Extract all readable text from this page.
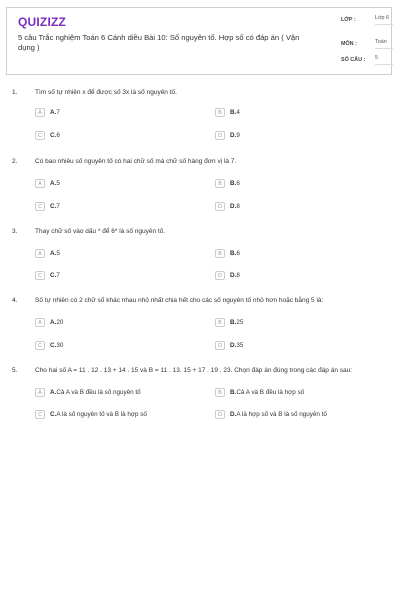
QUIZIZZ
5 câu Trắc nghiệm Toán 6 Cánh diều Bài 10: Số nguyên tố. Hợp số có đáp án ( Vận dụng )
LỚP :	Lớp 6
MÔN :	Toán
SỐ CÂU : 5
1.	Tìm số tự nhiên x để được số 3x là số nguyên tố.
A	A. 7	B	B. 4
C	C. 6	D	D. 9
2.	Có bao nhiêu số nguyên tố có hai chữ số mà chữ số hàng đơn vị là 7.
A	A. 5	B	B. 6
C	C. 7	D	D. 8
3.	Thay chữ số vào dấu * để 6* là số nguyên tố.
A	A. 5	B	B. 6
C	C. 7	D	D. 8
4.	Số tự nhiên có 2 chữ số khác nhau nhỏ nhất chia hết cho các số nguyên tố nhỏ hơn hoặc bằng 5 là:
A	A. 20	B	B. 25
C	C. 30	D	D. 35
5.	Cho hai số A = 11 . 12 . 13 + 14 . 15 và B = 11 . 13. 15 + 17 . 19 . 23. Chọn đáp án đúng trong các đáp án sau:
A	A. Cả A và B đều là số nguyên tố	B	B. Cả A và B đều là hợp số
C	C. A là số nguyên tố và B là hợp số	D	D. A là hợp số và B là số nguyên tố
